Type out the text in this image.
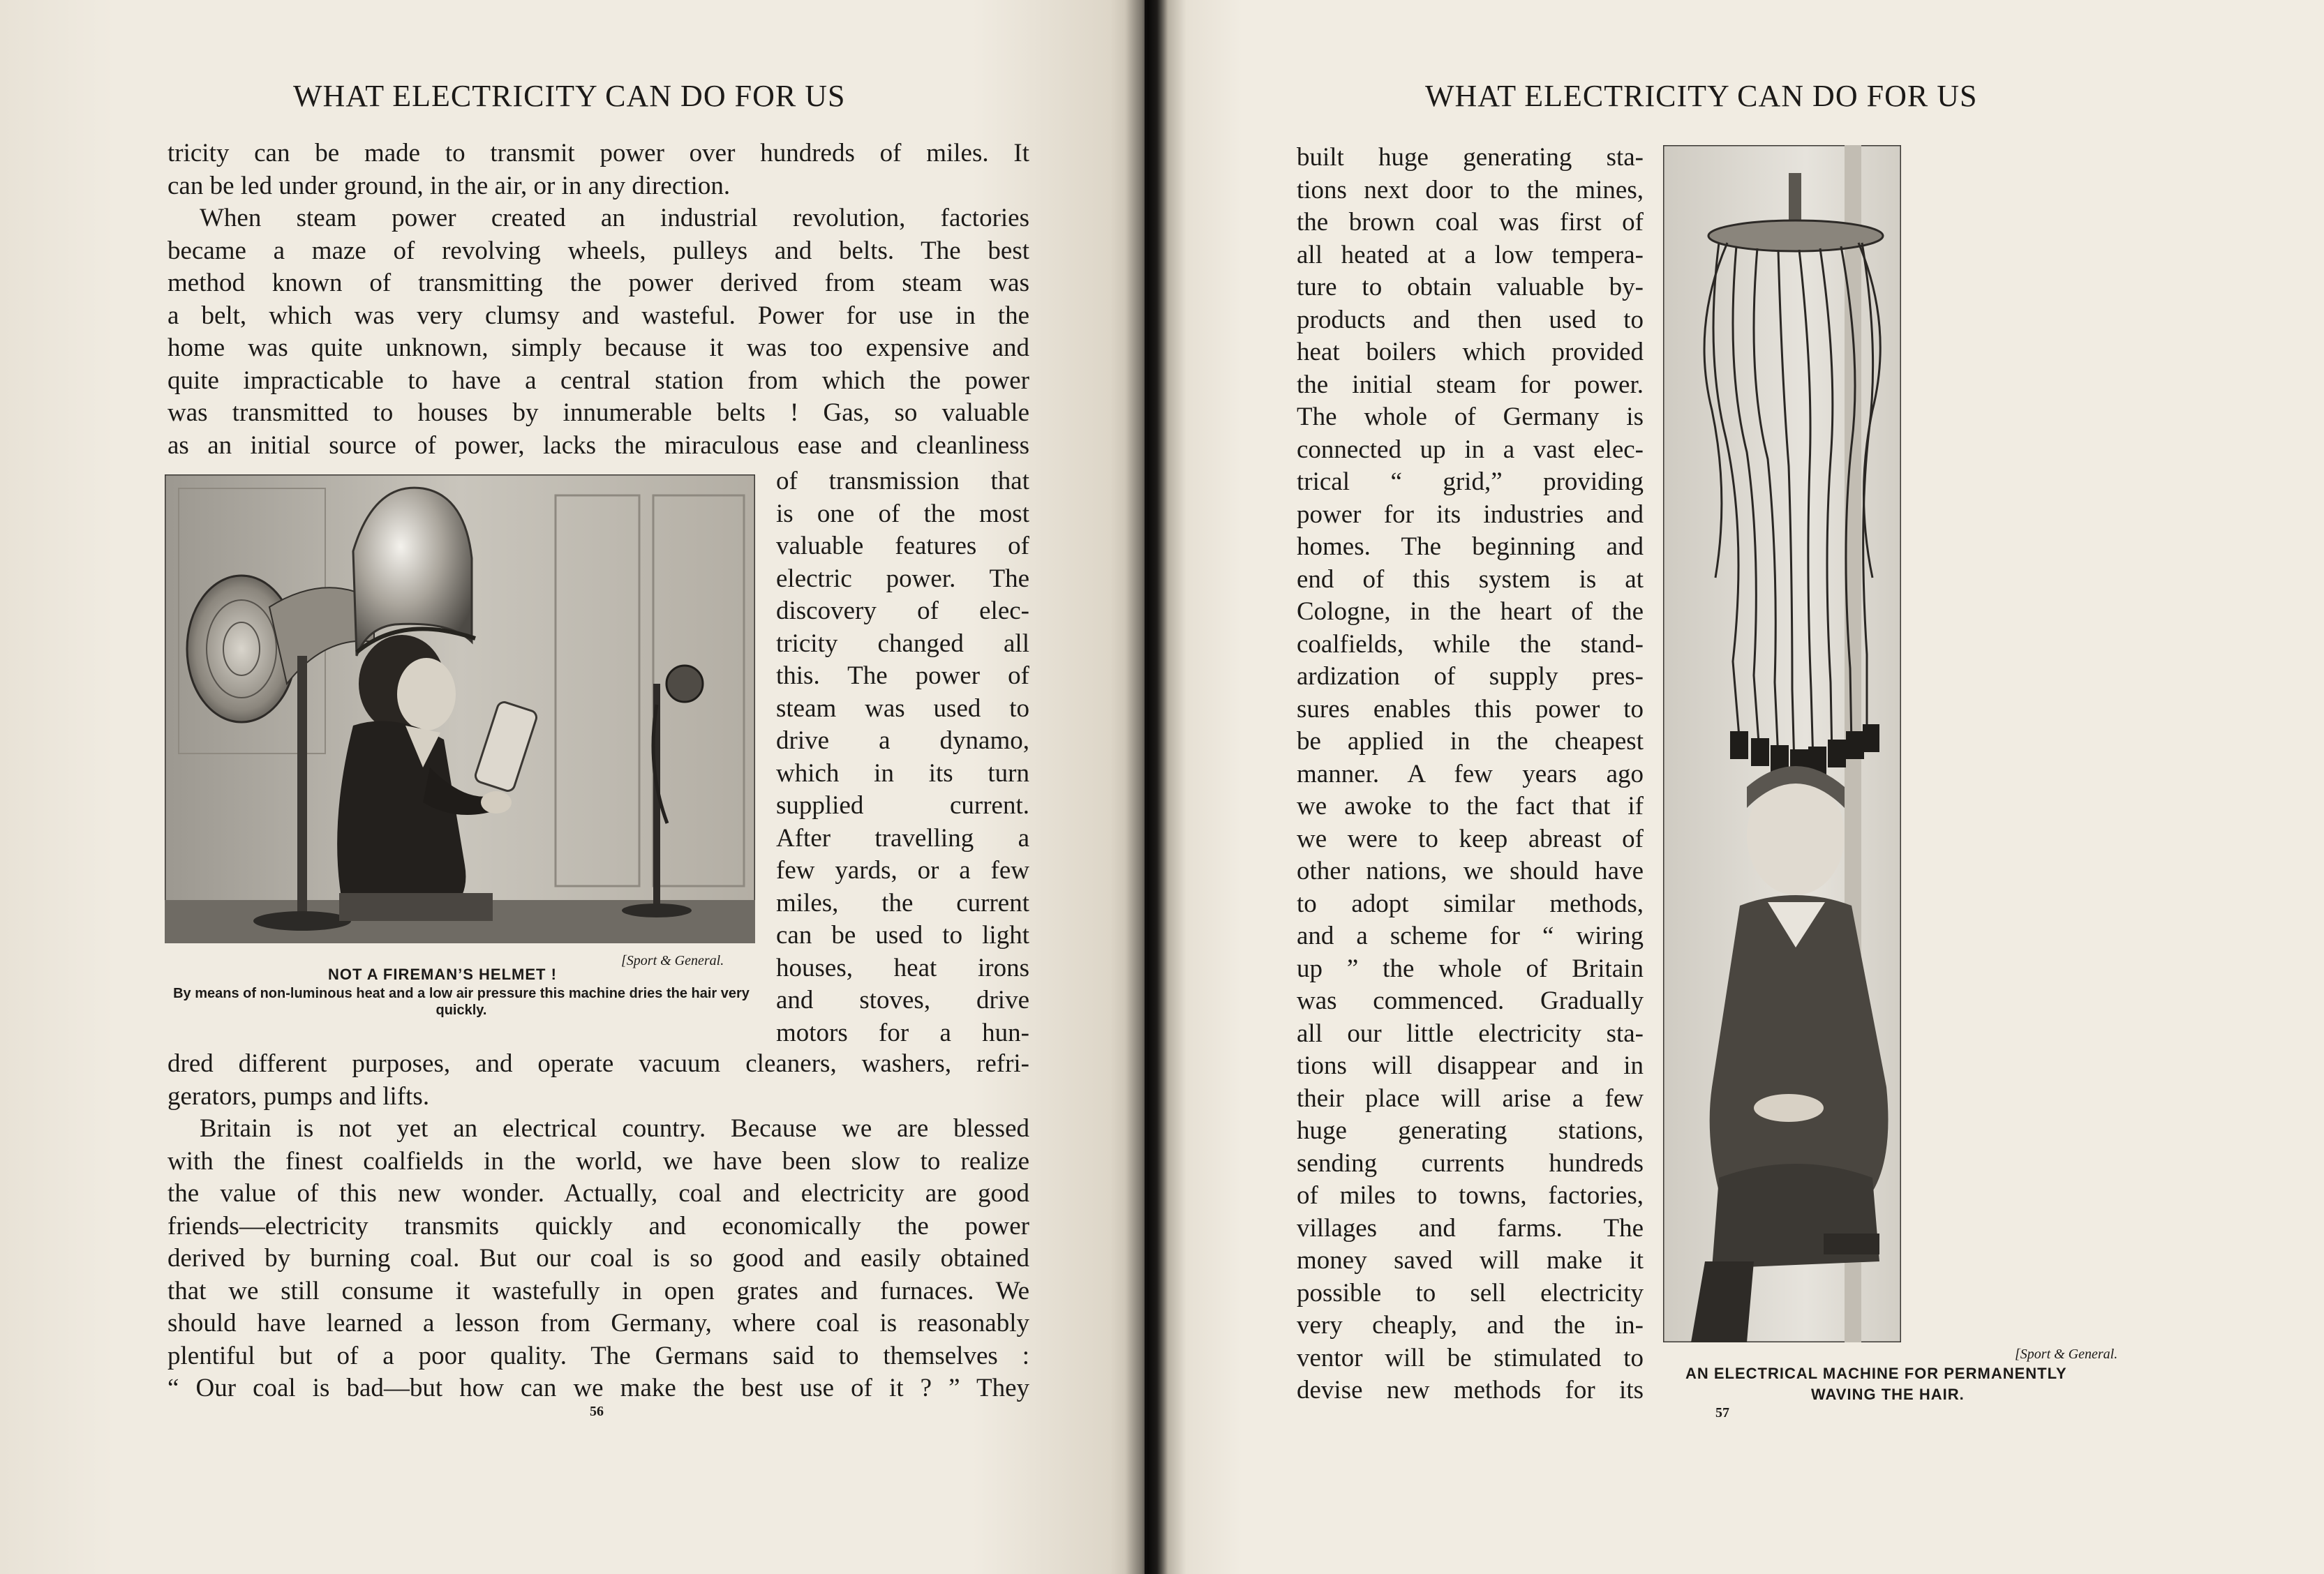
WHAT ELECTRICITY CAN DO FOR US
tricity can be made to transmit power over hundreds of miles. It
can be led under ground, in the air, or in any direction.
When steam power created an industrial revolution, factories
became a maze of revolving wheels, pulleys and belts. The best
method known of transmitting the power derived from steam was
a belt, which was very clumsy and wasteful. Power for use in the
home was quite unknown, simply because it was too expensive and
quite impracticable to have a central station from which the power
was transmitted to houses by innumerable belts ! Gas, so valuable
as an initial source of power, lacks the miraculous ease and cleanliness
of transmission that
is one of the most
valuable features of
electric power. The
discovery of elec-
tricity changed all
this. The power of
steam was used to
drive a dynamo,
which in its turn
supplied current.
After travelling a
few yards, or a few
miles, the current
can be used to light
houses, heat irons
and stoves, drive
motors for a hun-
dred different purposes, and operate vacuum cleaners, washers, refri-
gerators, pumps and lifts.
Britain is not yet an electrical country. Because we are blessed
with the finest coalfields in the world, we have been slow to realize
the value of this new wonder. Actually, coal and electricity are good
friends—electricity transmits quickly and economically the power
derived by burning coal. But our coal is so good and easily obtained
that we still consume it wastefully in open grates and furnaces. We
should have learned a lesson from Germany, where coal is reasonably
plentiful but of a poor quality. The Germans said to themselves :
“ Our coal is bad—but how can we make the best use of it ? ” They
[Sport & General.
NOT A FIREMAN’S HELMET !
By means of non-luminous heat and a low air pressure this machine dries the hair very quickly.
56
WHAT ELECTRICITY CAN DO FOR US
built huge generating sta-
tions next door to the mines,
the brown coal was first of
all heated at a low tempera-
ture to obtain valuable by-
products and then used to
heat boilers which provided
the initial steam for power.
The whole of Germany is
connected up in a vast elec-
trical “ grid,” providing
power for its industries and
homes. The beginning and
end of this system is at
Cologne, in the heart of the
coalfields, while the stand-
ardization of supply pres-
sures enables this power to
be applied in the cheapest
manner. A few years ago
we awoke to the fact that if
we were to keep abreast of
other nations, we should have
to adopt similar methods,
and a scheme for “ wiring
up ” the whole of Britain
was commenced. Gradually
all our little electricity sta-
tions will disappear and in
their place will arise a few
huge generating stations,
sending currents hundreds
of miles to towns, factories,
villages and farms. The
money saved will make it
possible to sell electricity
very cheaply, and the in-
ventor will be stimulated to
devise new methods for its
[Sport & General.
AN ELECTRICAL MACHINE FOR PERMANENTLY
WAVING THE HAIR.
57
